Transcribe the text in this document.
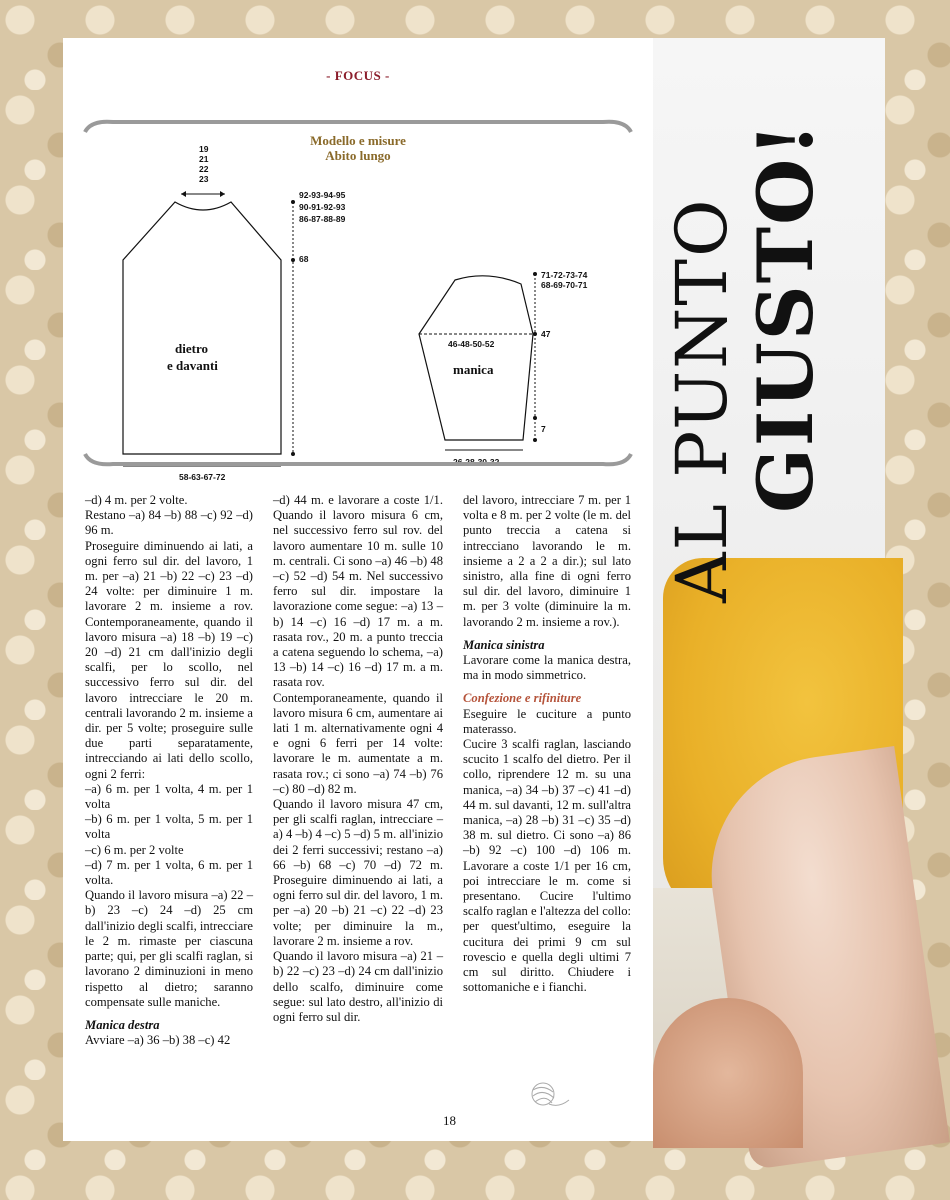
- FOCUS -
Modello e misure
Abito lungo
19
21
22
23
dietro
e davanti
92-93-94-95
90-91-92-93
86-87-88-89
68
58-63-67-72
46-48-50-52
manica
71-72-73-74
68-69-70-71
47
7
26-28-30-32

–d) 4 m. per 2 volte.

Restano –a) 84 –b) 88 –c) 92 –d) 96 m.

Proseguire diminuendo ai lati, a ogni ferro sul dir. del lavoro, 1 m. per –a) 21 –b) 22 –c) 23 –d) 24 volte: per diminuire 1 m. lavorare 2 m. insieme a rov. Contemporaneamente, quando il lavoro misura –a) 18 –b) 19 –c) 20 –d) 21 cm dall'inizio degli scalfi, per lo scollo, nel successivo ferro sul dir. del lavoro intrecciare le 20 m. centrali lavorando 2 m. insieme a dir. per 5 volte; proseguire sulle due parti separatamente, intrecciando ai lati dello scollo, ogni 2 ferri:

–a) 6 m. per 1 volta, 4 m. per 1 volta

–b) 6 m. per 1 volta, 5 m. per 1 volta

–c) 6 m. per 2 volte

–d) 7 m. per 1 volta, 6 m. per 1 volta.

Quando il lavoro misura –a) 22 –b) 23 –c) 24 –d) 25 cm dall'inizio degli scalfi, intrecciare le 2 m. rimaste per ciascuna parte; qui, per gli scalfi raglan, si lavorano 2 diminuzioni in meno rispetto al dietro; saranno compensate sulle maniche.

Manica destra

Avviare –a) 36 –b) 38 –c) 42

–d) 44 m. e lavorare a coste 1/1. Quando il lavoro misura 6 cm, nel successivo ferro sul rov. del lavoro aumentare 10 m. sulle 10 m. centrali. Ci sono –a) 46 –b) 48 –c) 52 –d) 54 m. Nel successivo ferro sul dir. impostare la lavorazione come segue: –a) 13 –b) 14 –c) 16 –d) 17 m. a m. rasata rov., 20 m. a punto treccia a catena seguendo lo schema, –a) 13 –b) 14 –c) 16 –d) 17 m. a m. rasata rov.

Contemporaneamente, quando il lavoro misura 6 cm, aumentare ai lati 1 m. alternativamente ogni 4 e ogni 6 ferri per 14 volte: lavorare le m. aumentate a m. rasata rov.; ci sono –a) 74 –b) 76 –c) 80 –d) 82 m.

Quando il lavoro misura 47 cm, per gli scalfi raglan, intrecciare –a) 4 –b) 4 –c) 5 –d) 5 m. all'inizio dei 2 ferri successivi; restano –a) 66 –b) 68 –c) 70 –d) 72 m. Proseguire diminuendo ai lati, a ogni ferro sul dir. del lavoro, 1 m. per –a) 20 –b) 21 –c) 22 –d) 23 volte; per diminuire la m., lavorare 2 m. insieme a rov.

Quando il lavoro misura –a) 21 –b) 22 –c) 23 –d) 24 cm dall'inizio dello scalfo, diminuire come segue: sul lato destro, all'inizio di ogni ferro sul dir.

del lavoro, intrecciare 7 m. per 1 volta e 8 m. per 2 volte (le m. del punto treccia a catena si intrecciano lavorando le m. insieme a 2 a 2 a dir.); sul lato sinistro, alla fine di ogni ferro sul dir. del lavoro, diminuire 1 m. per 3 volte (diminuire la m. lavorando 2 m. insieme a rov.).

Manica sinistra

Lavorare come la manica destra, ma in modo simmetrico.

Confezione e rifiniture

Eseguire le cuciture a punto materasso.

Cucire 3 scalfi raglan, lasciando scucito 1 scalfo del dietro. Per il collo, riprendere 12 m. su una manica, –a) 34 –b) 37 –c) 41 –d) 44 m. sul davanti, 12 m. sull'altra manica, –a) 28 –b) 31 –c) 35 –d) 38 m. sul dietro. Ci sono –a) 86 –b) 92 –c) 100 –d) 106 m. Lavorare a coste 1/1 per 16 cm, poi intrecciare le m. come si presentano. Cucire l'ultimo scalfo raglan e l'altezza del collo: per quest'ultimo, eseguire la cucitura dei primi 9 cm sul rovescio e quella degli ultimi 7 cm sul diritto. Chiudere i sottomaniche e i fianchi.

18
AL PUNTO
GIUSTO!
